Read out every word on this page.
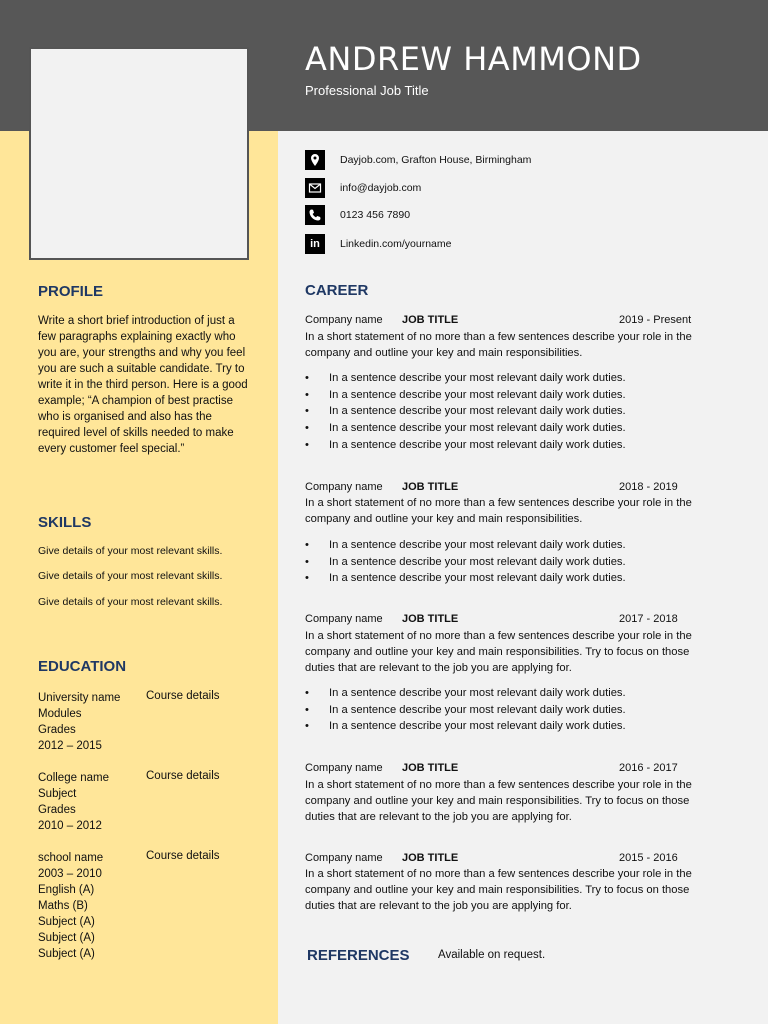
ANDREW HAMMOND
Professional Job Title
Dayjob.com, Grafton House, Birmingham
info@dayjob.com
0123 456 7890
in	Linkedin.com/yourname
PROFILE
Write a short brief introduction of just a few paragraphs explaining exactly who you are, your strengths and why you feel you are such a suitable candidate. Try to write it in the third person. Here is a good example; “A champion of best practise who is organised and also has the required level of skills needed to make every customer feel special.”
SKILLS
Give details of your most relevant skills.
Give details of your most relevant skills.
Give details of your most relevant skills.
EDUCATION
University name
Modules
Grades
2012 – 2015
Course details
College name
Subject
Grades
2010 – 2012
Course details
school name
2003 – 2010
English (A)
Maths (B)
Subject (A)
Subject (A)
Subject (A)
Course details
CAREER
Company name JOB TITLE	2019 - Present
In a short statement of no more than a few sentences describe your role in the company and outline your key and main responsibilities.
• In a sentence describe your most relevant daily work duties.
• In a sentence describe your most relevant daily work duties.
• In a sentence describe your most relevant daily work duties.
• In a sentence describe your most relevant daily work duties.
• In a sentence describe your most relevant daily work duties.
Company name JOB TITLE	2018 - 2019
In a short statement of no more than a few sentences describe your role in the company and outline your key and main responsibilities.
• In a sentence describe your most relevant daily work duties.
• In a sentence describe your most relevant daily work duties.
• In a sentence describe your most relevant daily work duties.
Company name JOB TITLE	2017 - 2018
In a short statement of no more than a few sentences describe your role in the company and outline your key and main responsibilities. Try to focus on those duties that are relevant to the job you are applying for.
• In a sentence describe your most relevant daily work duties.
• In a sentence describe your most relevant daily work duties.
• In a sentence describe your most relevant daily work duties.
Company name JOB TITLE	2016 - 2017
In a short statement of no more than a few sentences describe your role in the company and outline your key and main responsibilities. Try to focus on those duties that are relevant to the job you are applying for.
Company name JOB TITLE	2015 - 2016
In a short statement of no more than a few sentences describe your role in the company and outline your key and main responsibilities. Try to focus on those duties that are relevant to the job you are applying for.
REFERENCES Available on request.
